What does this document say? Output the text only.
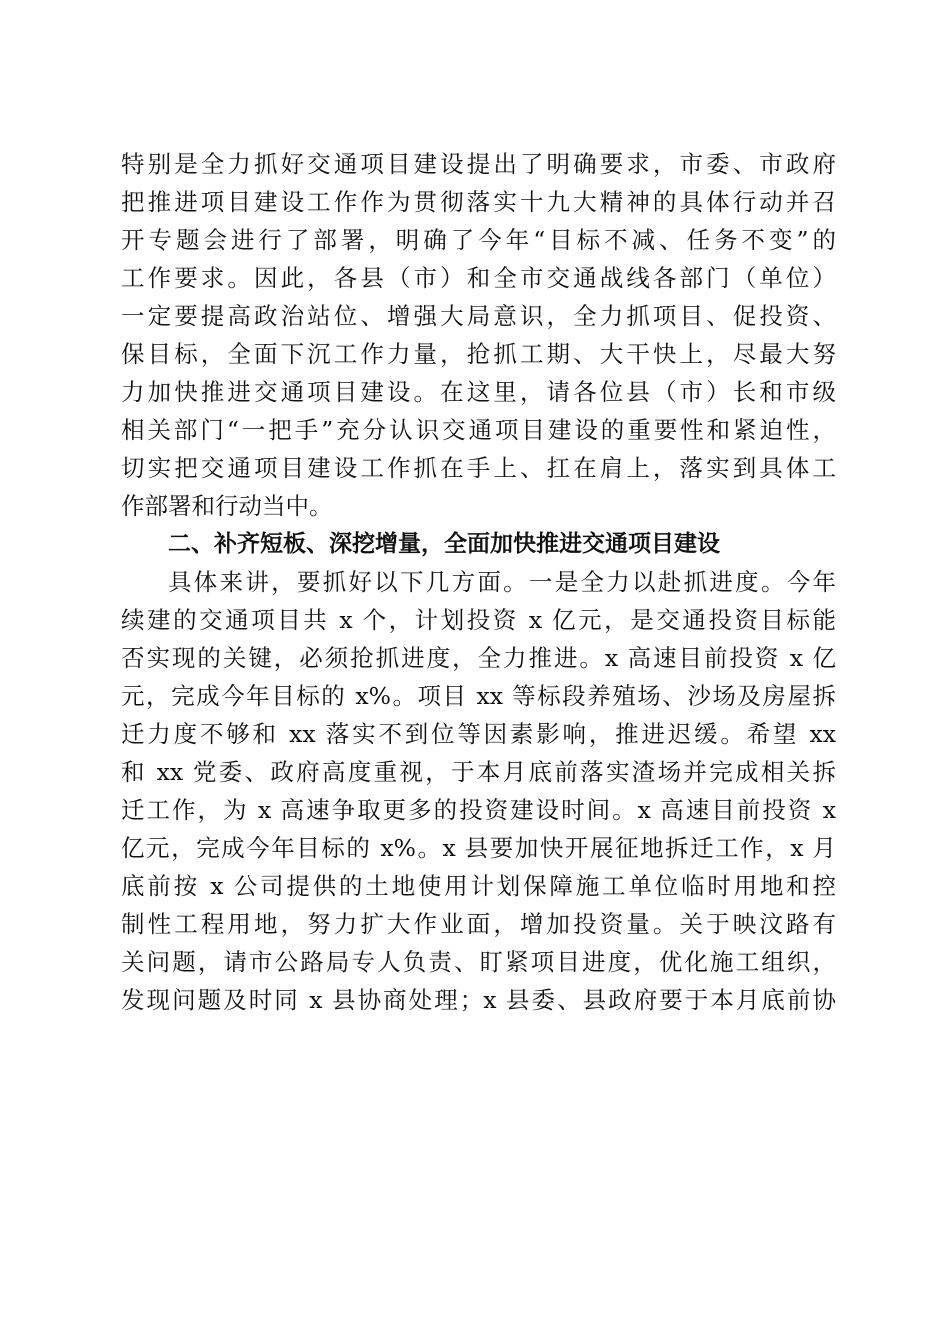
特别是全力抓好交通项目建设提出了明确要求，市委、市政府
把推进项目建设工作作为贯彻落实十九大精神的具体行动并召
开专题会进行了部署，明确了今年“目标不减、任务不变”的
工作要求。因此，各县（市）和全市交通战线各部门（单位）
一定要提高政治站位、增强大局意识，全力抓项目、促投资、
保目标，全面下沉工作力量，抢抓工期、大干快上，尽最大努
力加快推进交通项目建设。在这里，请各位县（市）长和市级
相关部门“一把手”充分认识交通项目建设的重要性和紧迫性，
切实把交通项目建设工作抓在手上、扛在肩上，落实到具体工
作部署和行动当中。
二、补齐短板、深挖增量，全面加快推进交通项目建设
具体来讲，要抓好以下几方面。一是全力以赴抓进度。今年
续建的交通项目共 x 个，计划投资 x 亿元，是交通投资目标能
否实现的关键，必须抢抓进度，全力推进。x 高速目前投资 x 亿
元，完成今年目标的 x%。项目 xx 等标段养殖场、沙场及房屋拆
迁力度不够和 xx 落实不到位等因素影响，推进迟缓。希望 xx
和 xx 党委、政府高度重视，于本月底前落实渣场并完成相关拆
迁工作，为 x 高速争取更多的投资建设时间。x 高速目前投资 x
亿元，完成今年目标的 x%。x 县要加快开展征地拆迁工作，x 月
底前按 x 公司提供的土地使用计划保障施工单位临时用地和控
制性工程用地，努力扩大作业面，增加投资量。关于映汶路有
关问题，请市公路局专人负责、盯紧项目进度，优化施工组织，
发现问题及时同 x 县协商处理；x 县委、县政府要于本月底前协
